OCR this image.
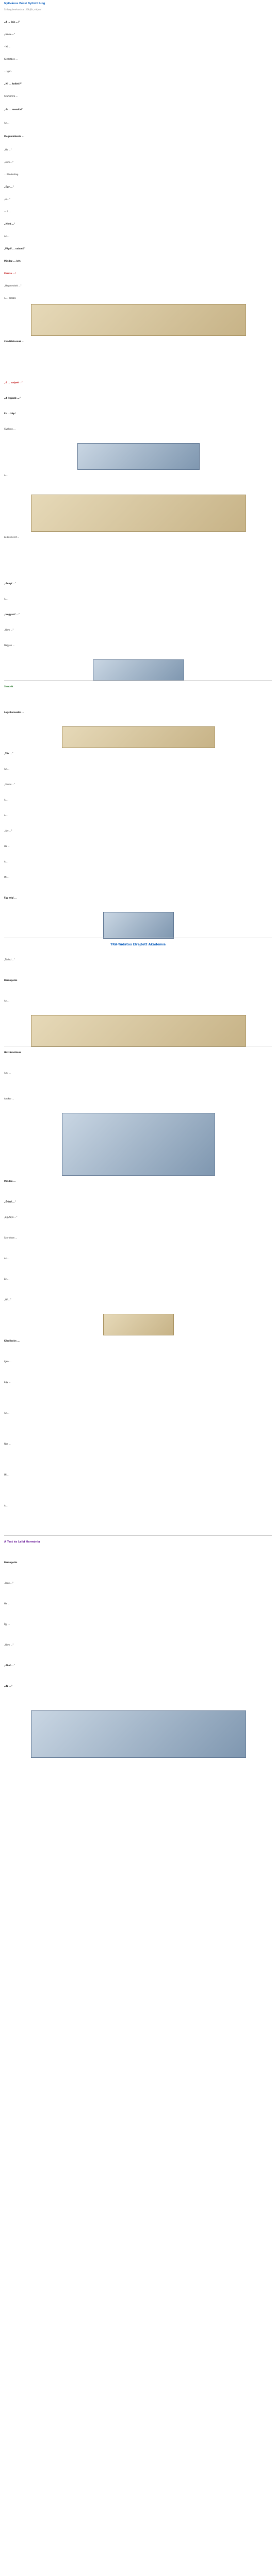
Nyilvános Pécsi Nyitott blog
Szöveg beolvasása... Kérjük, várjon!
„A ... kép ...!"
„Ha a ..."
- Mi ...
Kezdetben ...
... Igen.
„Mi ... kellett?"
Számomra ...
„Az ... mondta?"
Az ...
Megemlékezés ...
„Ha ..."
„A mi ..."
... Elméletileg.
„Egy ..."
„A ..."
— 8 ...
„Mert ..."
Az ...
„Végül ... valami?"
Mindez ... lett.
Persze ...!
„Megmentett ..."
A ... család.
Csodálatosnak ...
„A ... szépek ♡"
„A legjobb ..."
Ez ... kép!
Gyakran ...
A ...
Lelkiismeret ...
„Annyi ..."
A ...
„Hogyan? ..."
„Nem ..."
Nagyon ...
Szerzők
Legsikeresebb ...
„Tűz ..."
Az ...
„Sokan ..."
A ...
A ...
„Azt ..."
Ha ...
A ...
Mi ...
Egy régi ...
TRA-Tudatos Elrejtett Akadémia
„Tudod ..."
Barangolás
Az ...
Hozzászólások
Ami ...
Amikor ...
Minden ...
„Érted ..."
„Egyfajta ..."
Szerintem ...
Az ...
Ez ...
„Mi ..."
Kérdéseim ...
Igen ...
Egy ...
Az ...
Nos ...
Mi ...
A ...
A Test és Lelki Harmónia
Barangolás
„Igen ..."
Ha ...
Így ...
„Nem ..."
„Ahol ..."
„Az ..."
